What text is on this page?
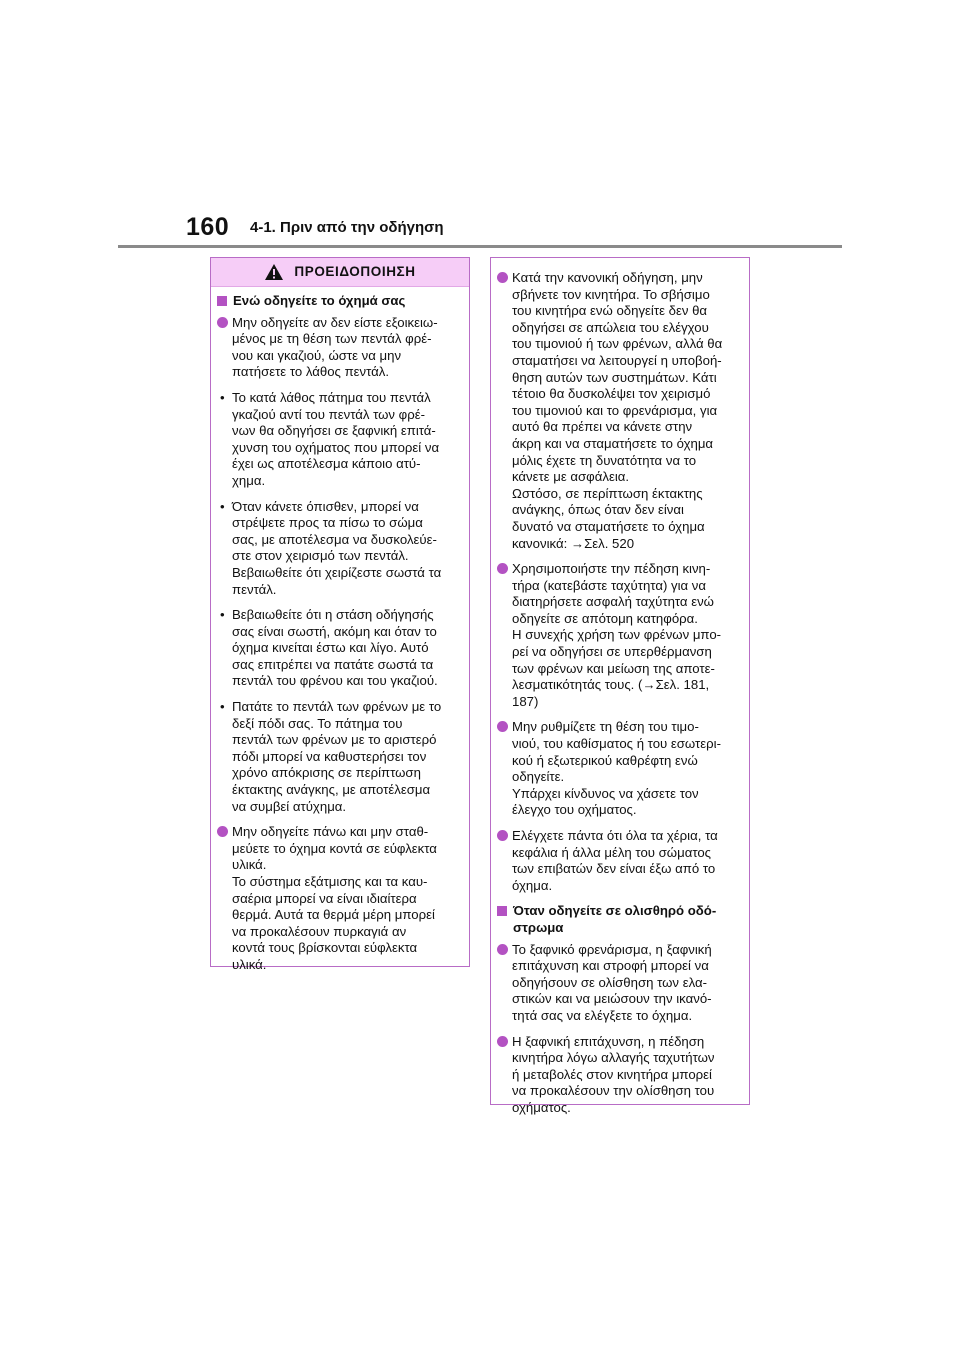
160 4-1. Πριν από την οδήγηση
ΠΡΟΕΙΔΟΠΟΙΗΣΗ
Ενώ οδηγείτε το όχημά σας
Μην οδηγείτε αν δεν είστε εξοικειω-
μένος με τη θέση των πεντάλ φρέ-
νου και γκαζιού, ώστε να μην
πατήσετε το λάθος πεντάλ.
• Το κατά λάθος πάτημα του πεντάλ
γκαζιού αντί του πεντάλ των φρέ-
νων θα οδηγήσει σε ξαφνική επιτά-
χυνση του οχήματος που μπορεί να
έχει ως αποτέλεσμα κάποιο ατύ-
χημα.
• Όταν κάνετε όπισθεν, μπορεί να
στρέψετε προς τα πίσω το σώμα
σας, με αποτέλεσμα να δυσκολεύε-
στε στον χειρισμό των πεντάλ.
Βεβαιωθείτε ότι χειρίζεστε σωστά τα
πεντάλ.
• Βεβαιωθείτε ότι η στάση οδήγησής
σας είναι σωστή, ακόμη και όταν το
όχημα κινείται έστω και λίγο. Αυτό
σας επιτρέπει να πατάτε σωστά τα
πεντάλ του φρένου και του γκαζιού.
• Πατάτε το πεντάλ των φρένων με το
δεξί πόδι σας. Το πάτημα του
πεντάλ των φρένων με το αριστερό
πόδι μπορεί να καθυστερήσει τον
χρόνο απόκρισης σε περίπτωση
έκτακτης ανάγκης, με αποτέλεσμα
να συμβεί ατύχημα.
Μην οδηγείτε πάνω και μην σταθ-
μεύετε το όχημα κοντά σε εύφλεκτα
υλικά.
Το σύστημα εξάτμισης και τα καυ-
σαέρια μπορεί να είναι ιδιαίτερα
θερμά. Αυτά τα θερμά μέρη μπορεί
να προκαλέσουν πυρκαγιά αν
κοντά τους βρίσκονται εύφλεκτα
υλικά.
Κατά την κανονική οδήγηση, μην
σβήνετε τον κινητήρα. Το σβήσιμο
του κινητήρα ενώ οδηγείτε δεν θα
οδηγήσει σε απώλεια του ελέγχου
του τιμονιού ή των φρένων, αλλά θα
σταματήσει να λειτουργεί η υποβοή-
θηση αυτών των συστημάτων. Κάτι
τέτοιο θα δυσκολέψει τον χειρισμό
του τιμονιού και το φρενάρισμα, για
αυτό θα πρέπει να κάνετε στην
άκρη και να σταματήσετε το όχημα
μόλις έχετε τη δυνατότητα να το
κάνετε με ασφάλεια.
Ωστόσο, σε περίπτωση έκτακτης
ανάγκης, όπως όταν δεν είναι
δυνατό να σταματήσετε το όχημα
κανονικά: →Σελ. 520
Χρησιμοποιήστε την πέδηση κινη-
τήρα (κατεβάστε ταχύτητα) για να
διατηρήσετε ασφαλή ταχύτητα ενώ
οδηγείτε σε απότομη κατηφόρα.
Η συνεχής χρήση των φρένων μπο-
ρεί να οδηγήσει σε υπερθέρμανση
των φρένων και μείωση της αποτε-
λεσματικότητάς τους. (→Σελ. 181,
187)
Μην ρυθμίζετε τη θέση του τιμο-
νιού, του καθίσματος ή του εσωτερι-
κού ή εξωτερικού καθρέφτη ενώ
οδηγείτε.
Υπάρχει κίνδυνος να χάσετε τον
έλεγχο του οχήματος.
Ελέγχετε πάντα ότι όλα τα χέρια, τα
κεφάλια ή άλλα μέλη του σώματος
των επιβατών δεν είναι έξω από το
όχημα.
Όταν οδηγείτε σε ολισθηρό οδό-
στρωμα
Το ξαφνικό φρενάρισμα, η ξαφνική
επιτάχυνση και στροφή μπορεί να
οδηγήσουν σε ολίσθηση των ελα-
στικών και να μειώσουν την ικανό-
τητά σας να ελέγξετε το όχημα.
Η ξαφνική επιτάχυνση, η πέδηση
κινητήρα λόγω αλλαγής ταχυτήτων
ή μεταβολές στον κινητήρα μπορεί
να προκαλέσουν την ολίσθηση του
οχήματος.
